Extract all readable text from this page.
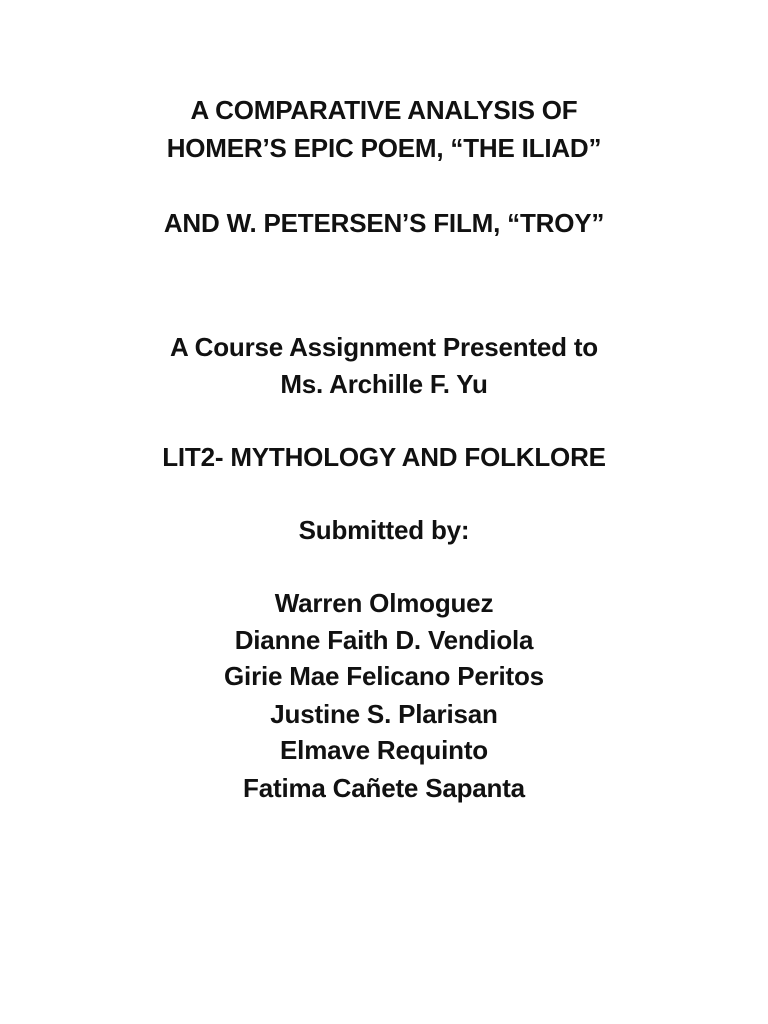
A COMPARATIVE ANALYSIS OF
HOMER’S EPIC POEM, “THE ILIAD”
AND W. PETERSEN’S FILM, “TROY”
A Course Assignment Presented to
Ms. Archille F. Yu
LIT2- MYTHOLOGY AND FOLKLORE
Submitted by:
Warren Olmoguez
Dianne Faith D. Vendiola
Girie Mae Felicano Peritos
Justine S. Plarisan
Elmave Requinto
Fatima Cañete Sapanta
